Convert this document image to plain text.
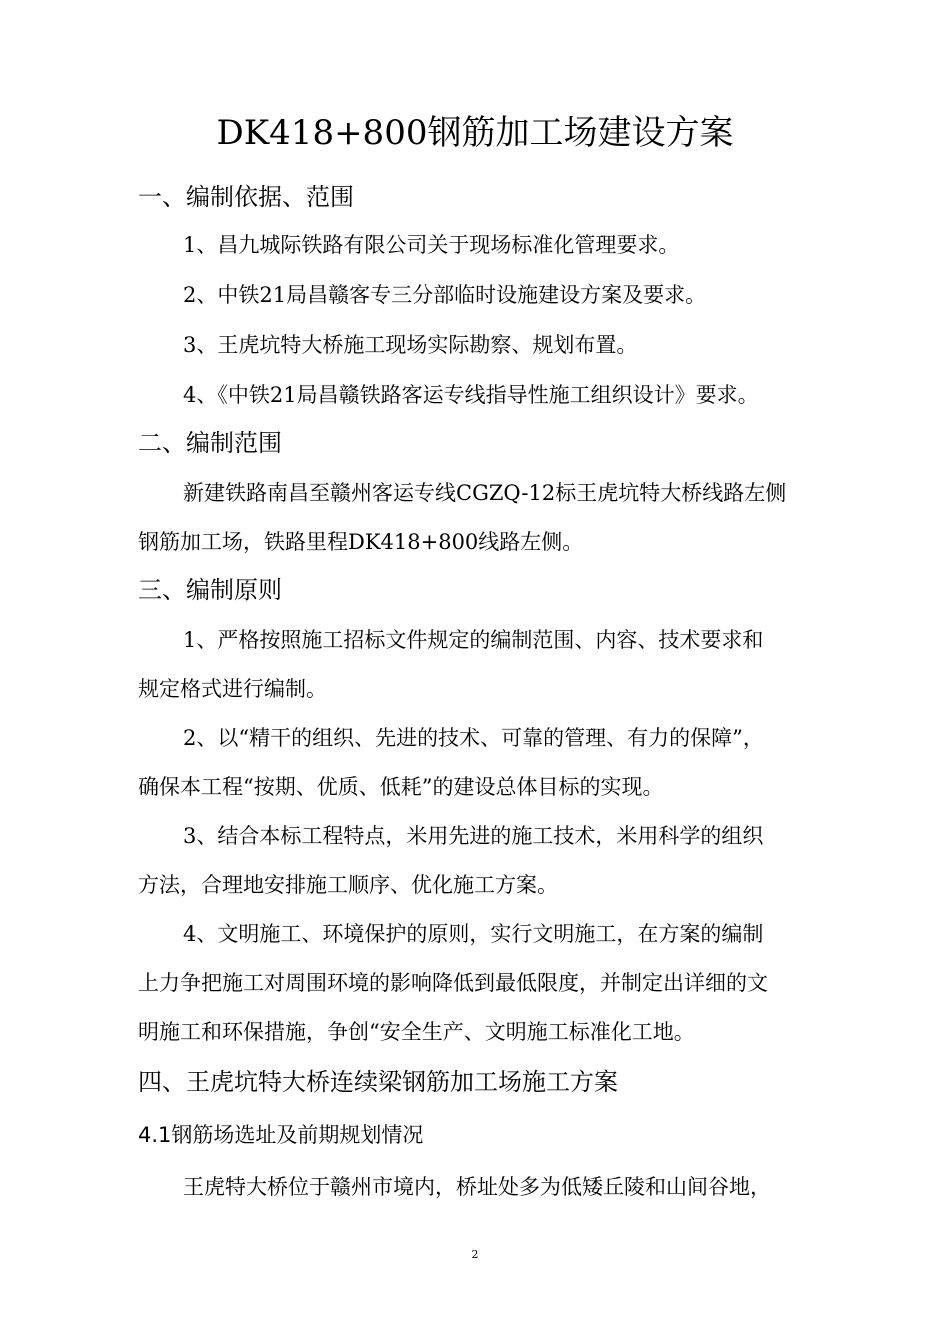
DK418+800钢筋加工场建设方案
一、编制依据、范围
1、昌九城际铁路有限公司关于现场标准化管理要求。
2、中铁21局昌赣客专三分部临时设施建设方案及要求。
3、王虎坑特大桥施工现场实际勘察、规划布置。
4、《中铁21局昌赣铁路客运专线指导性施工组织设计》要求。
二、编制范围
新建铁路南昌至赣州客运专线CGZQ-12标王虎坑特大桥线路左侧
钢筋加工场，铁路里程DK418+800线路左侧。
三、编制原则
1、严格按照施工招标文件规定的编制范围、内容、技术要求和
规定格式进行编制。
2、以“精干的组织、先进的技术、可靠的管理、有力的保障”，
确保本工程“按期、优质、低耗”的建设总体目标的实现。
3、结合本标工程特点，米用先进的施工技术，米用科学的组织
方法，合理地安排施工顺序、优化施工方案。
4、文明施工、环境保护的原则，实行文明施工，在方案的编制
上力争把施工对周围环境的影响降低到最低限度，并制定出详细的文
明施工和环保措施，争创“安全生产、文明施工标准化工地。
四、王虎坑特大桥连续梁钢筋加工场施工方案
4.1钢筋场选址及前期规划情况
王虎特大桥位于赣州市境内，桥址处多为低矮丘陵和山间谷地，
2
